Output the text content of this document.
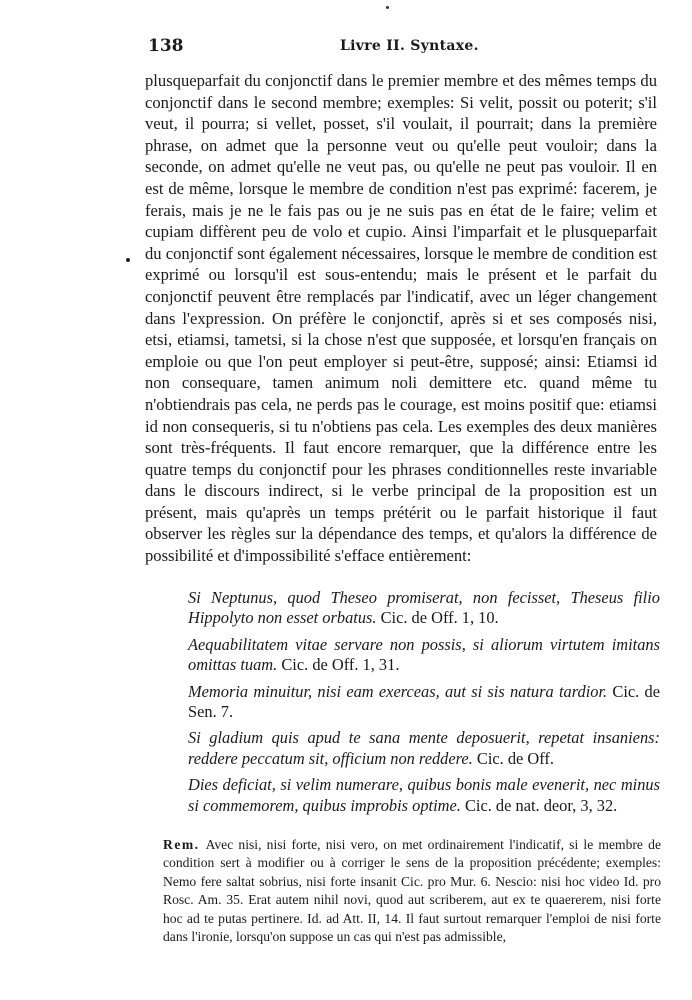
138	Livre II. Syntaxe.

plusqueparfait du conjonctif dans le premier membre et des mêmes temps du conjonctif dans le second membre; exemples: Si velit, possit ou poterit; s'il veut, il pourra; si vellet, posset, s'il voulait, il pourrait; dans la première phrase, on admet que la personne veut ou qu'elle peut vouloir; dans la seconde, on admet qu'elle ne veut pas, ou qu'elle ne peut pas vouloir. Il en est de même, lorsque le membre de condition n'est pas exprimé: facerem, je ferais, mais je ne le fais pas ou je ne suis pas en état de le faire; velim et cupiam diffèrent peu de volo et cupio. Ainsi l'imparfait et le plusqueparfait du conjonctif sont également nécessaires, lorsque le membre de condition est exprimé ou lorsqu'il est sous-entendu; mais le présent et le parfait du conjonctif peuvent être remplacés par l'indicatif, avec un léger changement dans l'expression. On préfère le conjonctif, après si et ses composés nisi, etsi, etiamsi, tametsi, si la chose n'est que supposée, et lorsqu'en français on emploie ou que l'on peut employer si peut-être, supposé; ainsi: Etiamsi id non consequare, tamen animum noli demittere etc. quand même tu n'obtiendrais pas cela, ne perds pas le courage, est moins positif que: etiamsi id non consequeris, si tu n'obtiens pas cela. Les exemples des deux manières sont très-fréquents. Il faut encore remarquer, que la différence entre les quatre temps du conjonctif pour les phrases conditionnelles reste invariable dans le discours indirect, si le verbe principal de la proposition est un présent, mais qu'après un temps prétérit ou le parfait historique il faut observer les règles sur la dépendance des temps, et qu'alors la différence de possibilité et d'impossibilité s'efface entièrement:

Si Neptunus, quod Theseo promiserat, non fecisset, Theseus filio Hippolyto non esset orbatus. Cic. de Off. 1, 10.

Aequabilitatem vitae servare non possis, si aliorum virtutem imitans omittas tuam. Cic. de Off. 1, 31.

Memoria minuitur, nisi eam exerceas, aut si sis natura tardior. Cic. de Sen. 7.

Si gladium quis apud te sana mente deposuerit, repetat insaniens: reddere peccatum sit, officium non reddere. Cic. de Off.

Dies deficiat, si velim numerare, quibus bonis male evenerit, nec minus si commemorem, quibus improbis optime. Cic. de nat. deor, 3, 32.

Rem. Avec nisi, nisi forte, nisi vero, on met ordinairement l'indicatif, si le membre de condition sert à modifier ou à corriger le sens de la proposition précédente; exemples: Nemo fere saltat sobrius, nisi forte insanit Cic. pro Mur. 6. Nescio: nisi hoc video Id. pro Rosc. Am. 35. Erat autem nihil novi, quod aut scriberem, aut ex te quaererem, nisi forte hoc ad te putas pertinere. Id. ad Att. II, 14. Il faut surtout remarquer l'emploi de nisi forte dans l'ironie, lorsqu'on suppose un cas qui n'est pas admissible,
